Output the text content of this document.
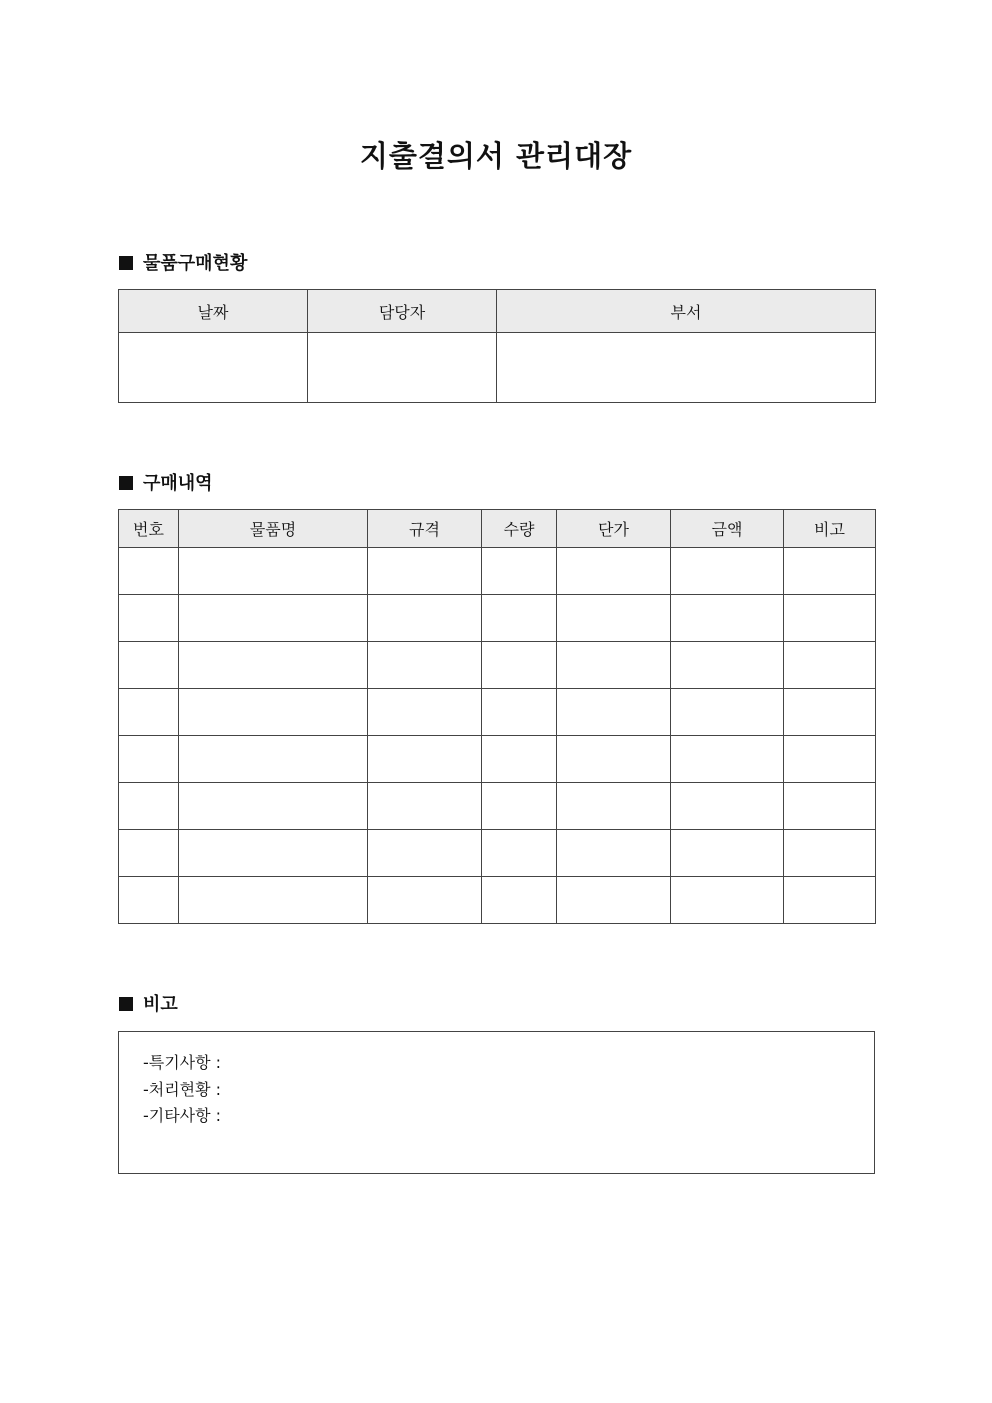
지출결의서 관리대장
물품구매현황
날짜	담당자	부서

구매내역
번호	물품명	규격	수량	단가	금액	비고

비고
-특기사항 :
-처리현황 :
-기타사항 :
